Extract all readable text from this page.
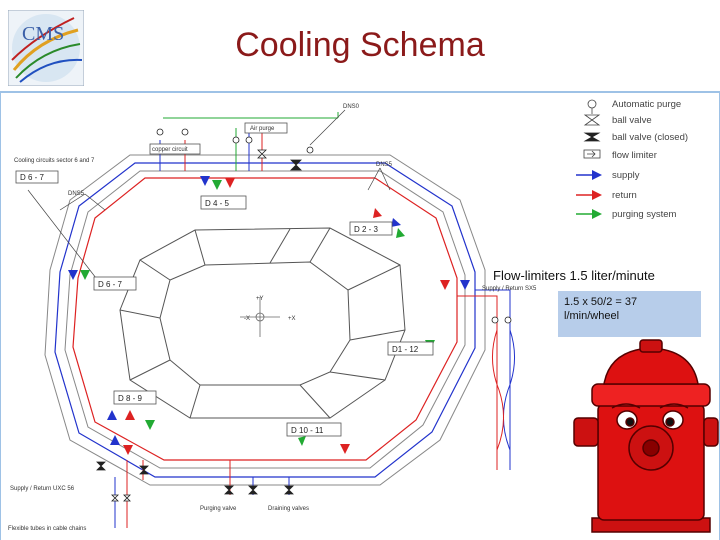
CMS	Cooling Schema
+Y
+X
-X
DNS0
DNS5
DNS5
Air purge
copper circuit
Cooling circuits sector 6 and 7
D 6 - 7
D 4 - 5
D 2 - 3
D 6 - 7
D1 - 12
D 8 - 9
D 10 - 11
Supply / Return SX5
Supply / Return UXC 56
Purging valve	Draining valves
Flexible tubes in cable chains
Automatic purge
ball valve
ball valve (closed)
flow limiter
supply
return
purging system
Flow-limiters 1.5 liter/minute
1.5 x 50/2 = 37
l/min/wheel
